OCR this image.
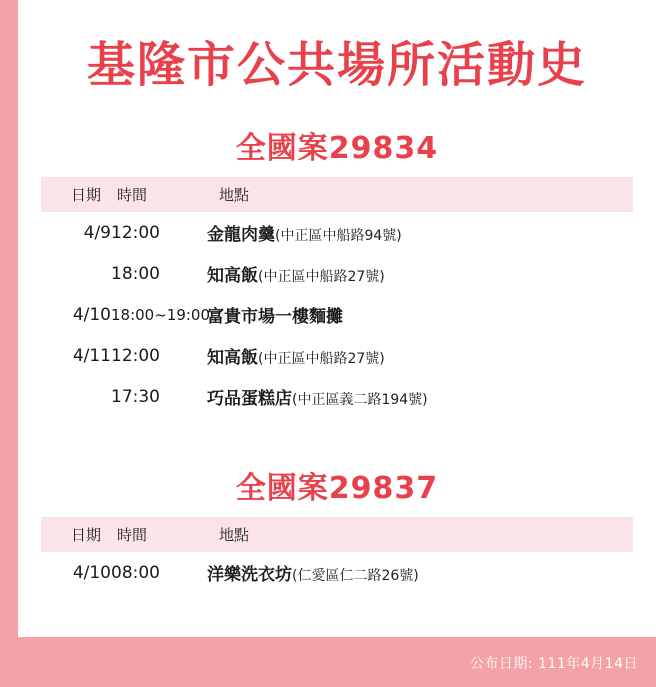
基隆市公共場所活動史
全國案29834
日期	時間	地點
4/9	12:00	金龍肉羹(中正區中船路94號)
	18:00	知高飯(中正區中船路27號)
4/10	18:00~19:00	富貴市場一樓麵攤
4/11	12:00	知高飯(中正區中船路27號)
	17:30	巧品蛋糕店(中正區義二路194號)
全國案29837
日期	時間	地點
4/10	08:00	洋樂洗衣坊(仁愛區仁二路26號)
公布日期: 111年4月14日
